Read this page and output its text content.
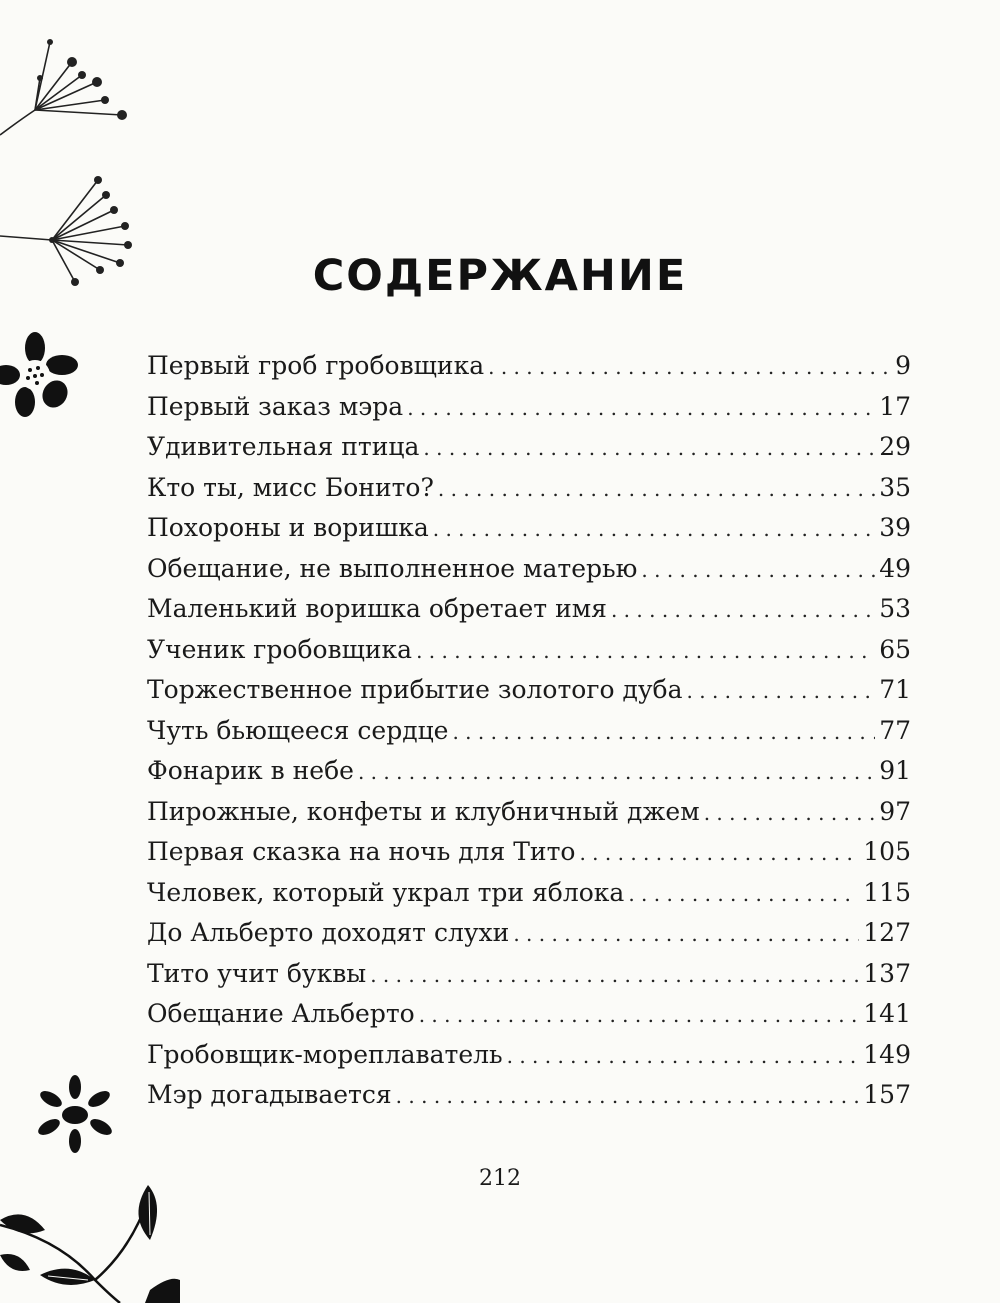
СОДЕРЖАНИЕ
Первый гроб гробовщика . . .	9
Первый заказ мэра . . .	17
Удивительная птица . . .	29
Кто ты, мисс Бонито? . . .	35
Похороны и воришка . . .	39
Обещание, не выполненное матерью . . .	49
Маленький воришка обретает имя . . .	53
Ученик гробовщика . . .	65
Торжественное прибытие золотого дуба . . .	71
Чуть бьющееся сердце . . .	77
Фонарик в небе . . .	91
Пирожные, конфеты и клубничный джем . . .	97
Первая сказка на ночь для Тито . . .	105
Человек, который украл три яблока . . .	115
До Альберто доходят слухи . . .	127
Тито учит буквы . . .	137
Обещание Альберто . . .	141
Гробовщик-мореплаватель . . .	149
Мэр догадывается . . .	157
212
